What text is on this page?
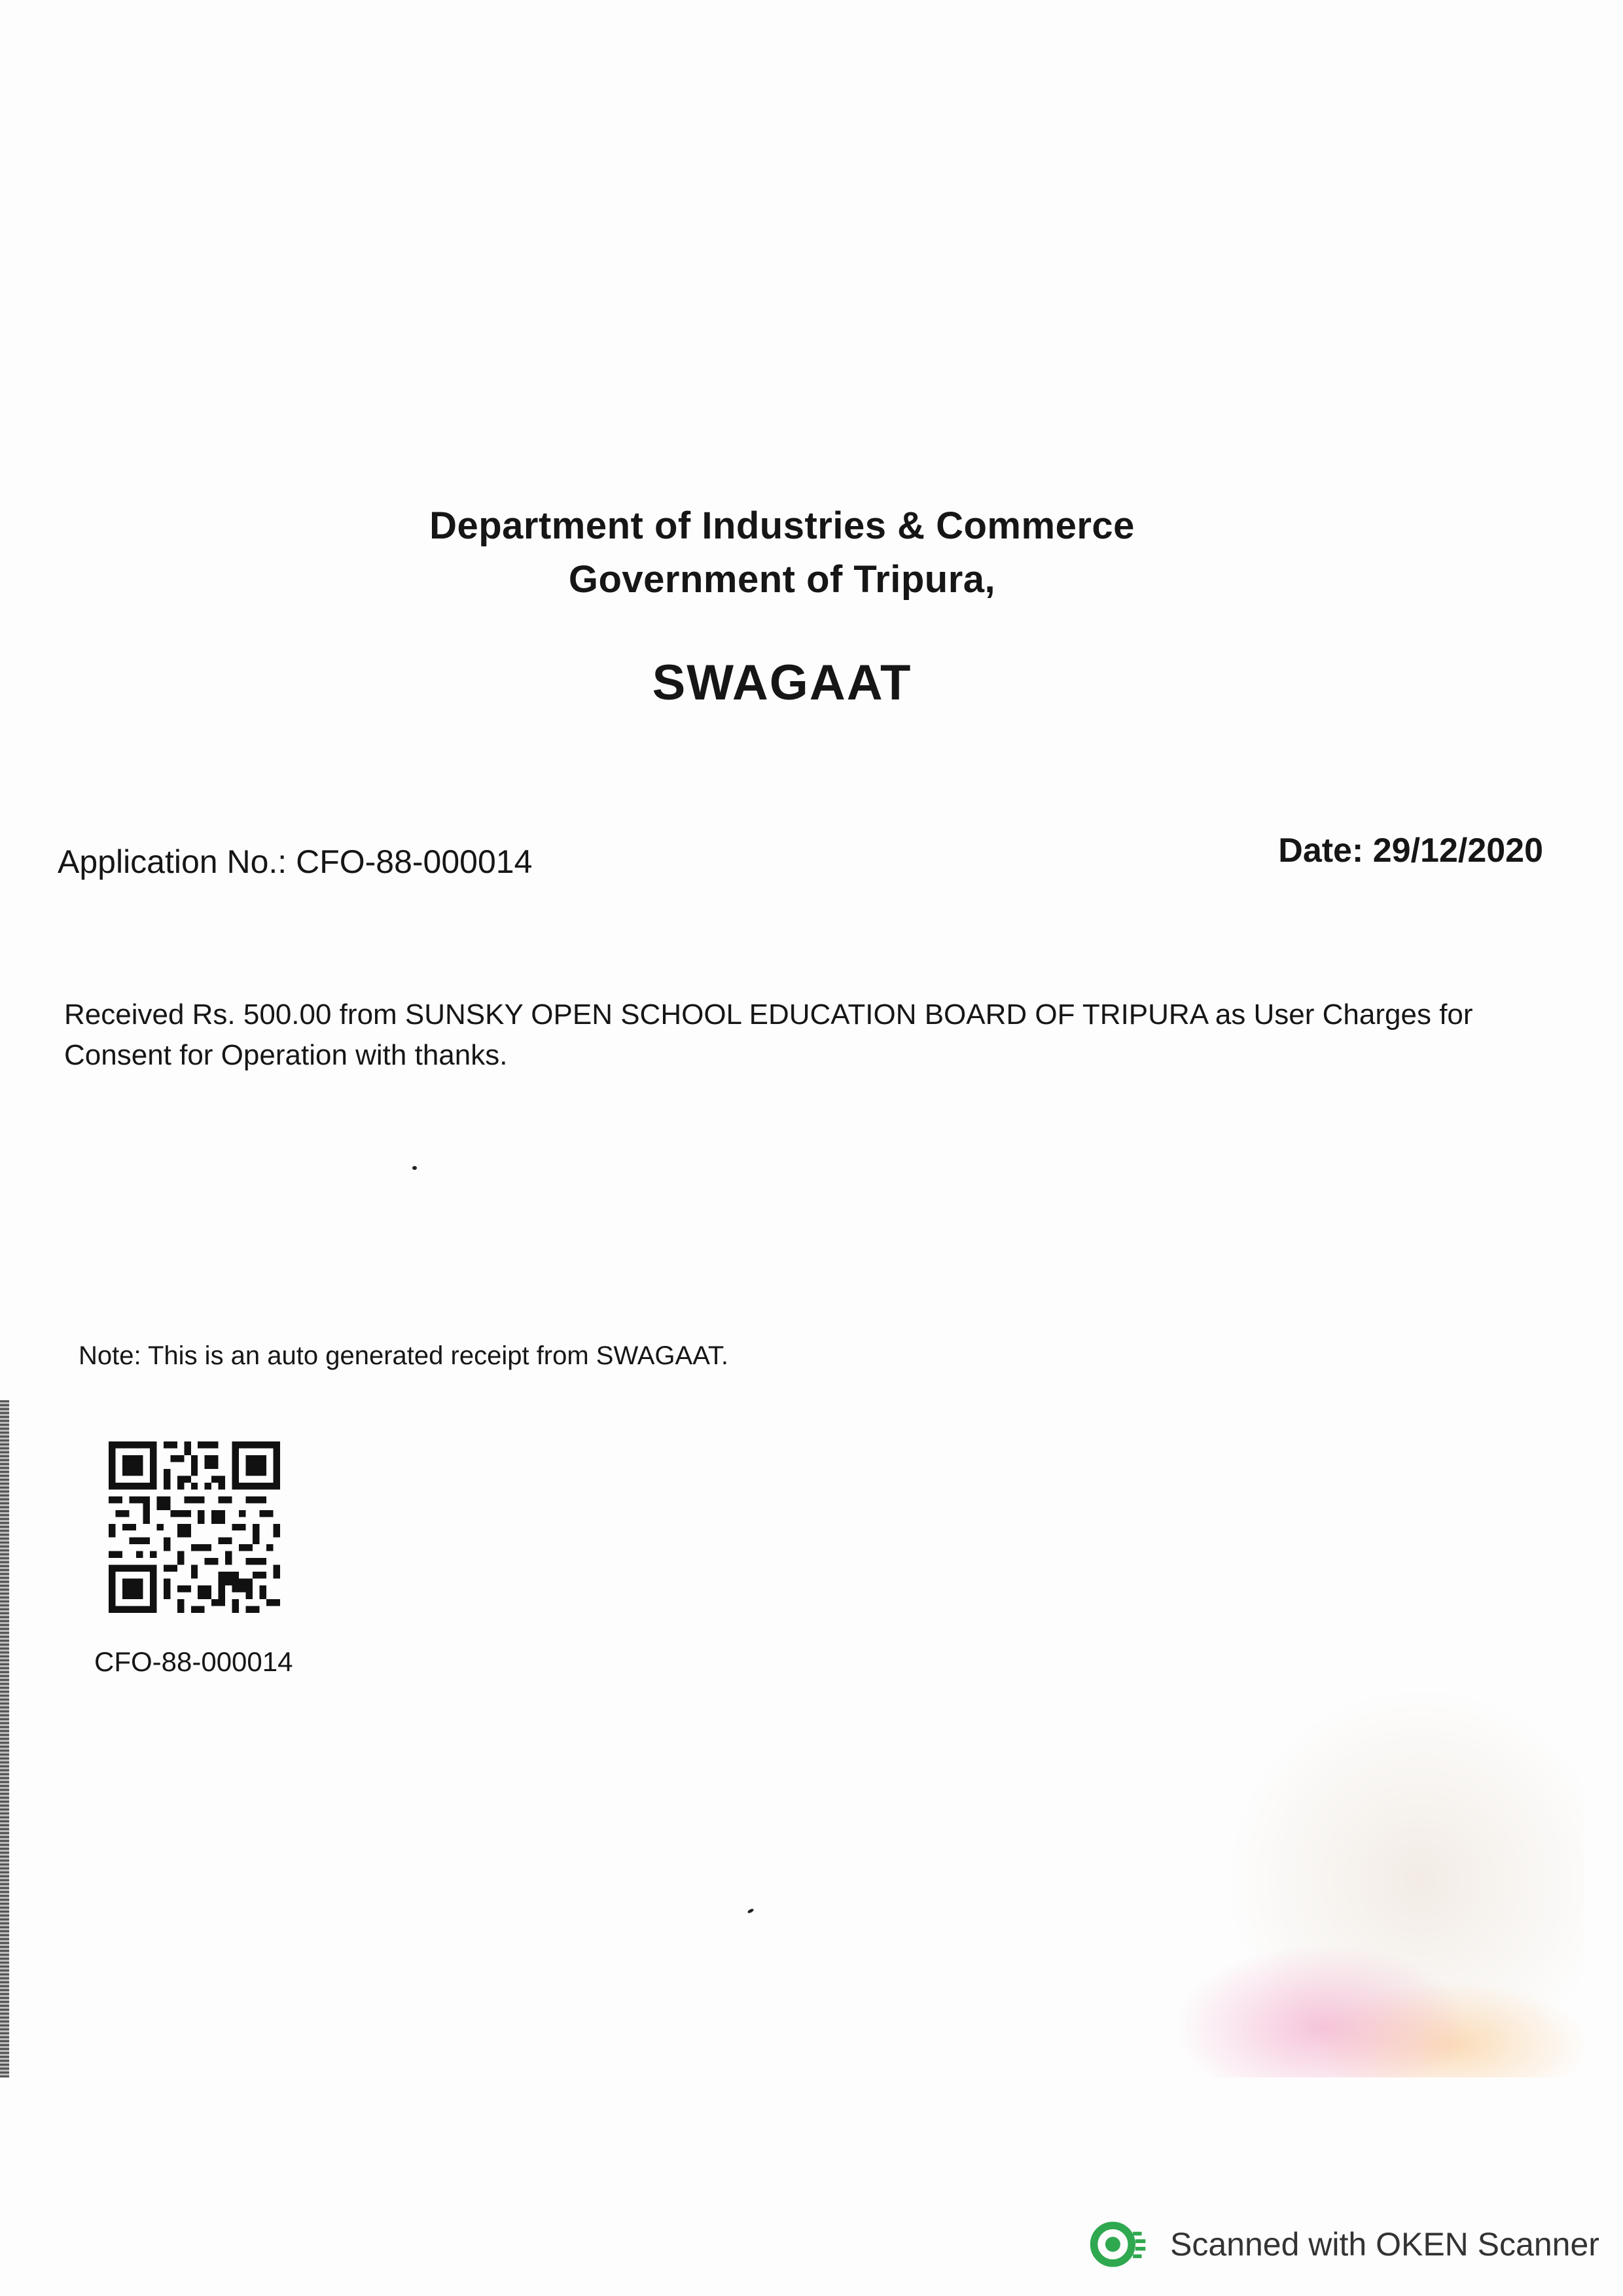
Department of Industries & Commerce
Government of Tripura,
SWAGAAT
Application No.: CFO-88-000014	Date: 29/12/2020
Received Rs. 500.00 from SUNSKY OPEN SCHOOL EDUCATION BOARD OF TRIPURA as User Charges for Consent for Operation with thanks.
Note: This is an auto generated receipt from SWAGAAT.
CFO-88-000014
Scanned with OKEN Scanner
